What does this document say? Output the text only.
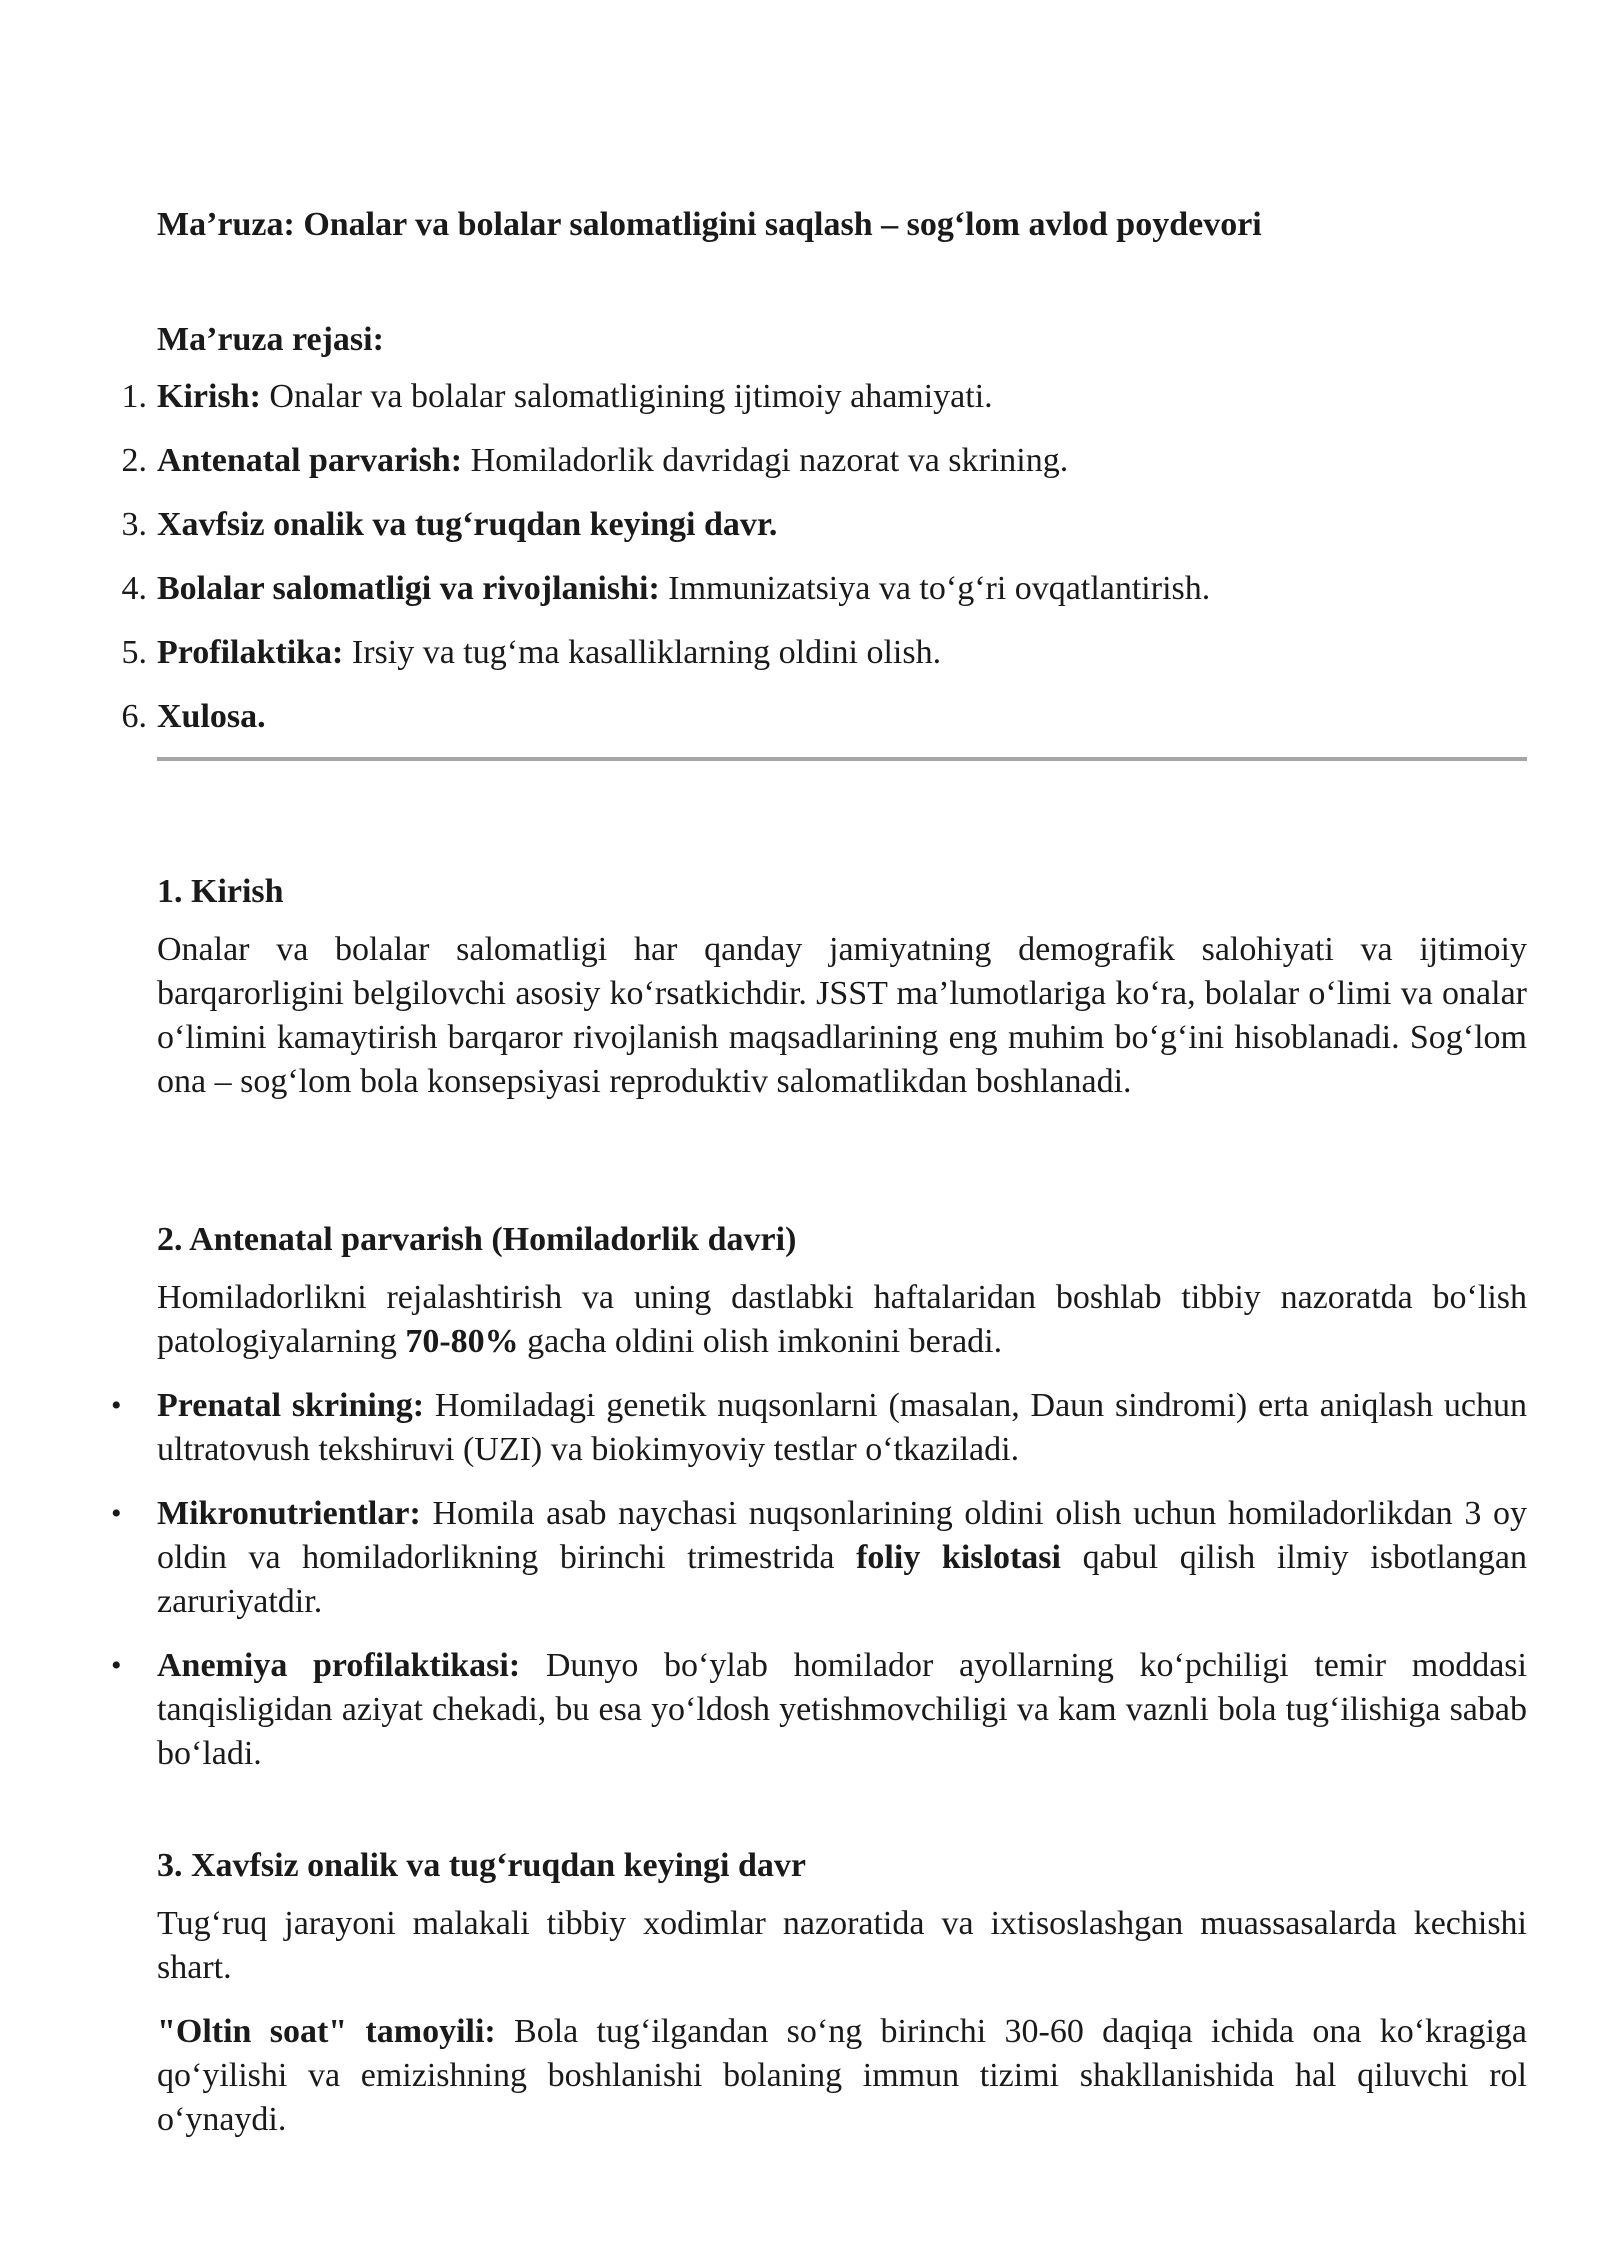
Ma’ruza: Onalar va bolalar salomatligini saqlash – sog‘lom avlod poydevori
Ma’ruza rejasi:
1. Kirish: Onalar va bolalar salomatligining ijtimoiy ahamiyati.
2. Antenatal parvarish: Homiladorlik davridagi nazorat va skrining.
3. Xavfsiz onalik va tug‘ruqdan keyingi davr.
4. Bolalar salomatligi va rivojlanishi: Immunizatsiya va to‘g‘ri ovqatlantirish.
5. Profilaktika: Irsiy va tug‘ma kasalliklarning oldini olish.
6. Xulosa.
1. Kirish

Onalar va bolalar salomatligi har qanday jamiyatning demografik salohiyati va ijtimoiy barqarorligini belgilovchi asosiy ko‘rsatkichdir. JSST ma’lumotlariga ko‘ra, bolalar o‘limi va onalar o‘limini kamaytirish barqaror rivojlanish maqsadlarining eng muhim bo‘g‘ini hisoblanadi. Sog‘lom ona – sog‘lom bola konsepsiyasi reproduktiv salomatlikdan boshlanadi.

2. Antenatal parvarish (Homiladorlik davri)

Homiladorlikni rejalashtirish va uning dastlabki haftalaridan boshlab tibbiy nazoratda bo‘lish patologiyalarning 70-80% gacha oldini olish imkonini beradi.

• Prenatal skrining: Homiladagi genetik nuqsonlarni (masalan, Daun sindromi) erta aniqlash uchun ultratovush tekshiruvi (UZI) va biokimyoviy testlar o‘tkaziladi.
• Mikronutrientlar: Homila asab naychasi nuqsonlarining oldini olish uchun homiladorlikdan 3 oy oldin va homiladorlikning birinchi trimestrida foliy kislotasi qabul qilish ilmiy isbotlangan zaruriyatdir.
• Anemiya profilaktikasi: Dunyo bo‘ylab homilador ayollarning ko‘pchiligi temir moddasi tanqisligidan aziyat chekadi, bu esa yo‘ldosh yetishmovchiligi va kam vaznli bola tug‘ilishiga sabab bo‘ladi.
3. Xavfsiz onalik va tug‘ruqdan keyingi davr

Tug‘ruq jarayoni malakali tibbiy xodimlar nazoratida va ixtisoslashgan muassasalarda kechishi shart.

"Oltin soat" tamoyili: Bola tug‘ilgandan so‘ng birinchi 30-60 daqiqa ichida ona ko‘kragiga qo‘yilishi va emizishning boshlanishi bolaning immun tizimi shakllanishida hal qiluvchi rol o‘ynaydi.
